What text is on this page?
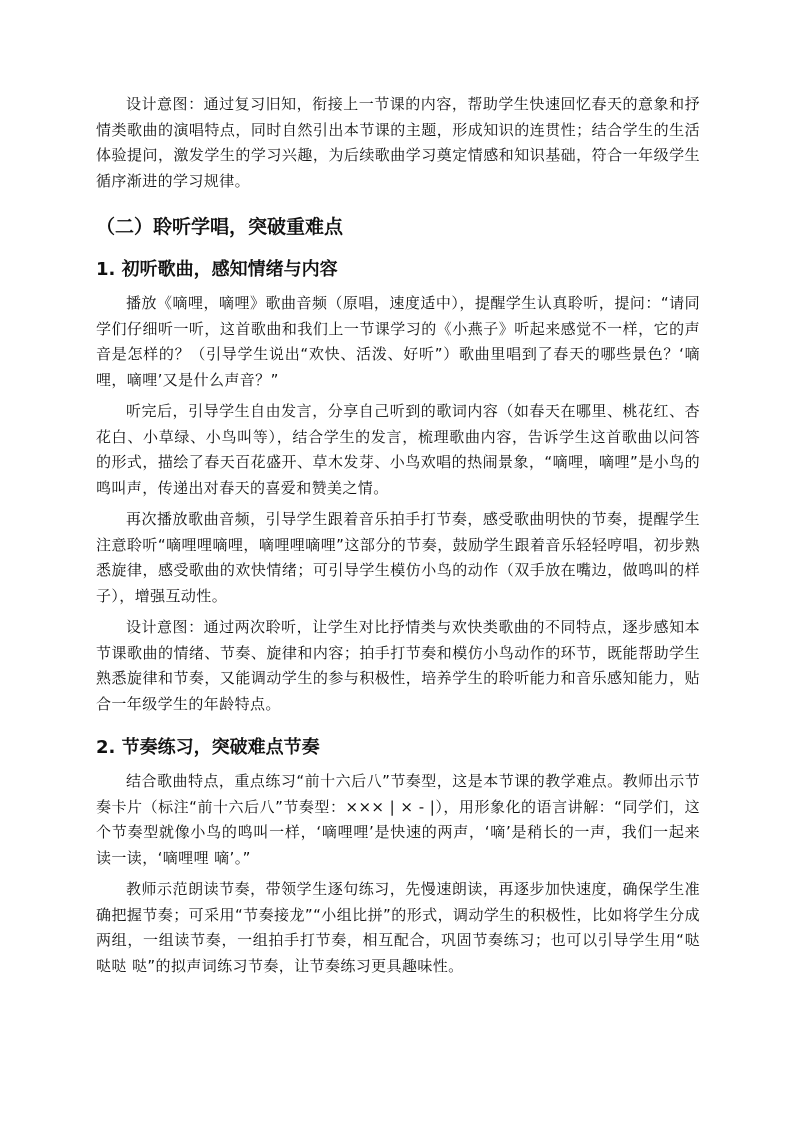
设计意图：通过复习旧知，衔接上一节课的内容，帮助学生快速回忆春天的意象和抒情类歌曲的演唱特点，同时自然引出本节课的主题，形成知识的连贯性；结合学生的生活体验提问，激发学生的学习兴趣，为后续歌曲学习奠定情感和知识基础，符合一年级学生循序渐进的学习规律。

（二）聆听学唱，突破重难点
1. 初听歌曲，感知情绪与内容

播放《嘀哩，嘀哩》歌曲音频（原唱，速度适中），提醒学生认真聆听，提问：“请同学们仔细听一听，这首歌曲和我们上一节课学习的《小燕子》听起来感觉不一样，它的声音是怎样的？（引导学生说出“欢快、活泼、好听”）歌曲里唱到了春天的哪些景色？‘嘀哩，嘀哩’又是什么声音？”

听完后，引导学生自由发言，分享自己听到的歌词内容（如春天在哪里、桃花红、杏花白、小草绿、小鸟叫等），结合学生的发言，梳理歌曲内容，告诉学生这首歌曲以问答的形式，描绘了春天百花盛开、草木发芽、小鸟欢唱的热闹景象，“嘀哩，嘀哩”是小鸟的鸣叫声，传递出对春天的喜爱和赞美之情。

再次播放歌曲音频，引导学生跟着音乐拍手打节奏，感受歌曲明快的节奏，提醒学生注意聆听“嘀哩哩嘀哩，嘀哩哩嘀哩”这部分的节奏，鼓励学生跟着音乐轻轻哼唱，初步熟悉旋律，感受歌曲的欢快情绪；可引导学生模仿小鸟的动作（双手放在嘴边，做鸣叫的样子），增强互动性。

设计意图：通过两次聆听，让学生对比抒情类与欢快类歌曲的不同特点，逐步感知本节课歌曲的情绪、节奏、旋律和内容；拍手打节奏和模仿小鸟动作的环节，既能帮助学生熟悉旋律和节奏，又能调动学生的参与积极性，培养学生的聆听能力和音乐感知能力，贴合一年级学生的年龄特点。

2. 节奏练习，突破难点节奏

结合歌曲特点，重点练习“前十六后八”节奏型，这是本节课的教学难点。教师出示节奏卡片（标注“前十六后八”节奏型：××× | × - |），用形象化的语言讲解：“同学们，这个节奏型就像小鸟的鸣叫一样，‘嘀哩哩’是快速的两声，‘嘀’是稍长的一声，我们一起来读一读，‘嘀哩哩 嘀’。”

教师示范朗读节奏，带领学生逐句练习，先慢速朗读，再逐步加快速度，确保学生准确把握节奏；可采用“节奏接龙”“小组比拼”的形式，调动学生的积极性，比如将学生分成两组，一组读节奏，一组拍手打节奏，相互配合，巩固节奏练习；也可以引导学生用“哒哒哒 哒”的拟声词练习节奏，让节奏练习更具趣味性。
